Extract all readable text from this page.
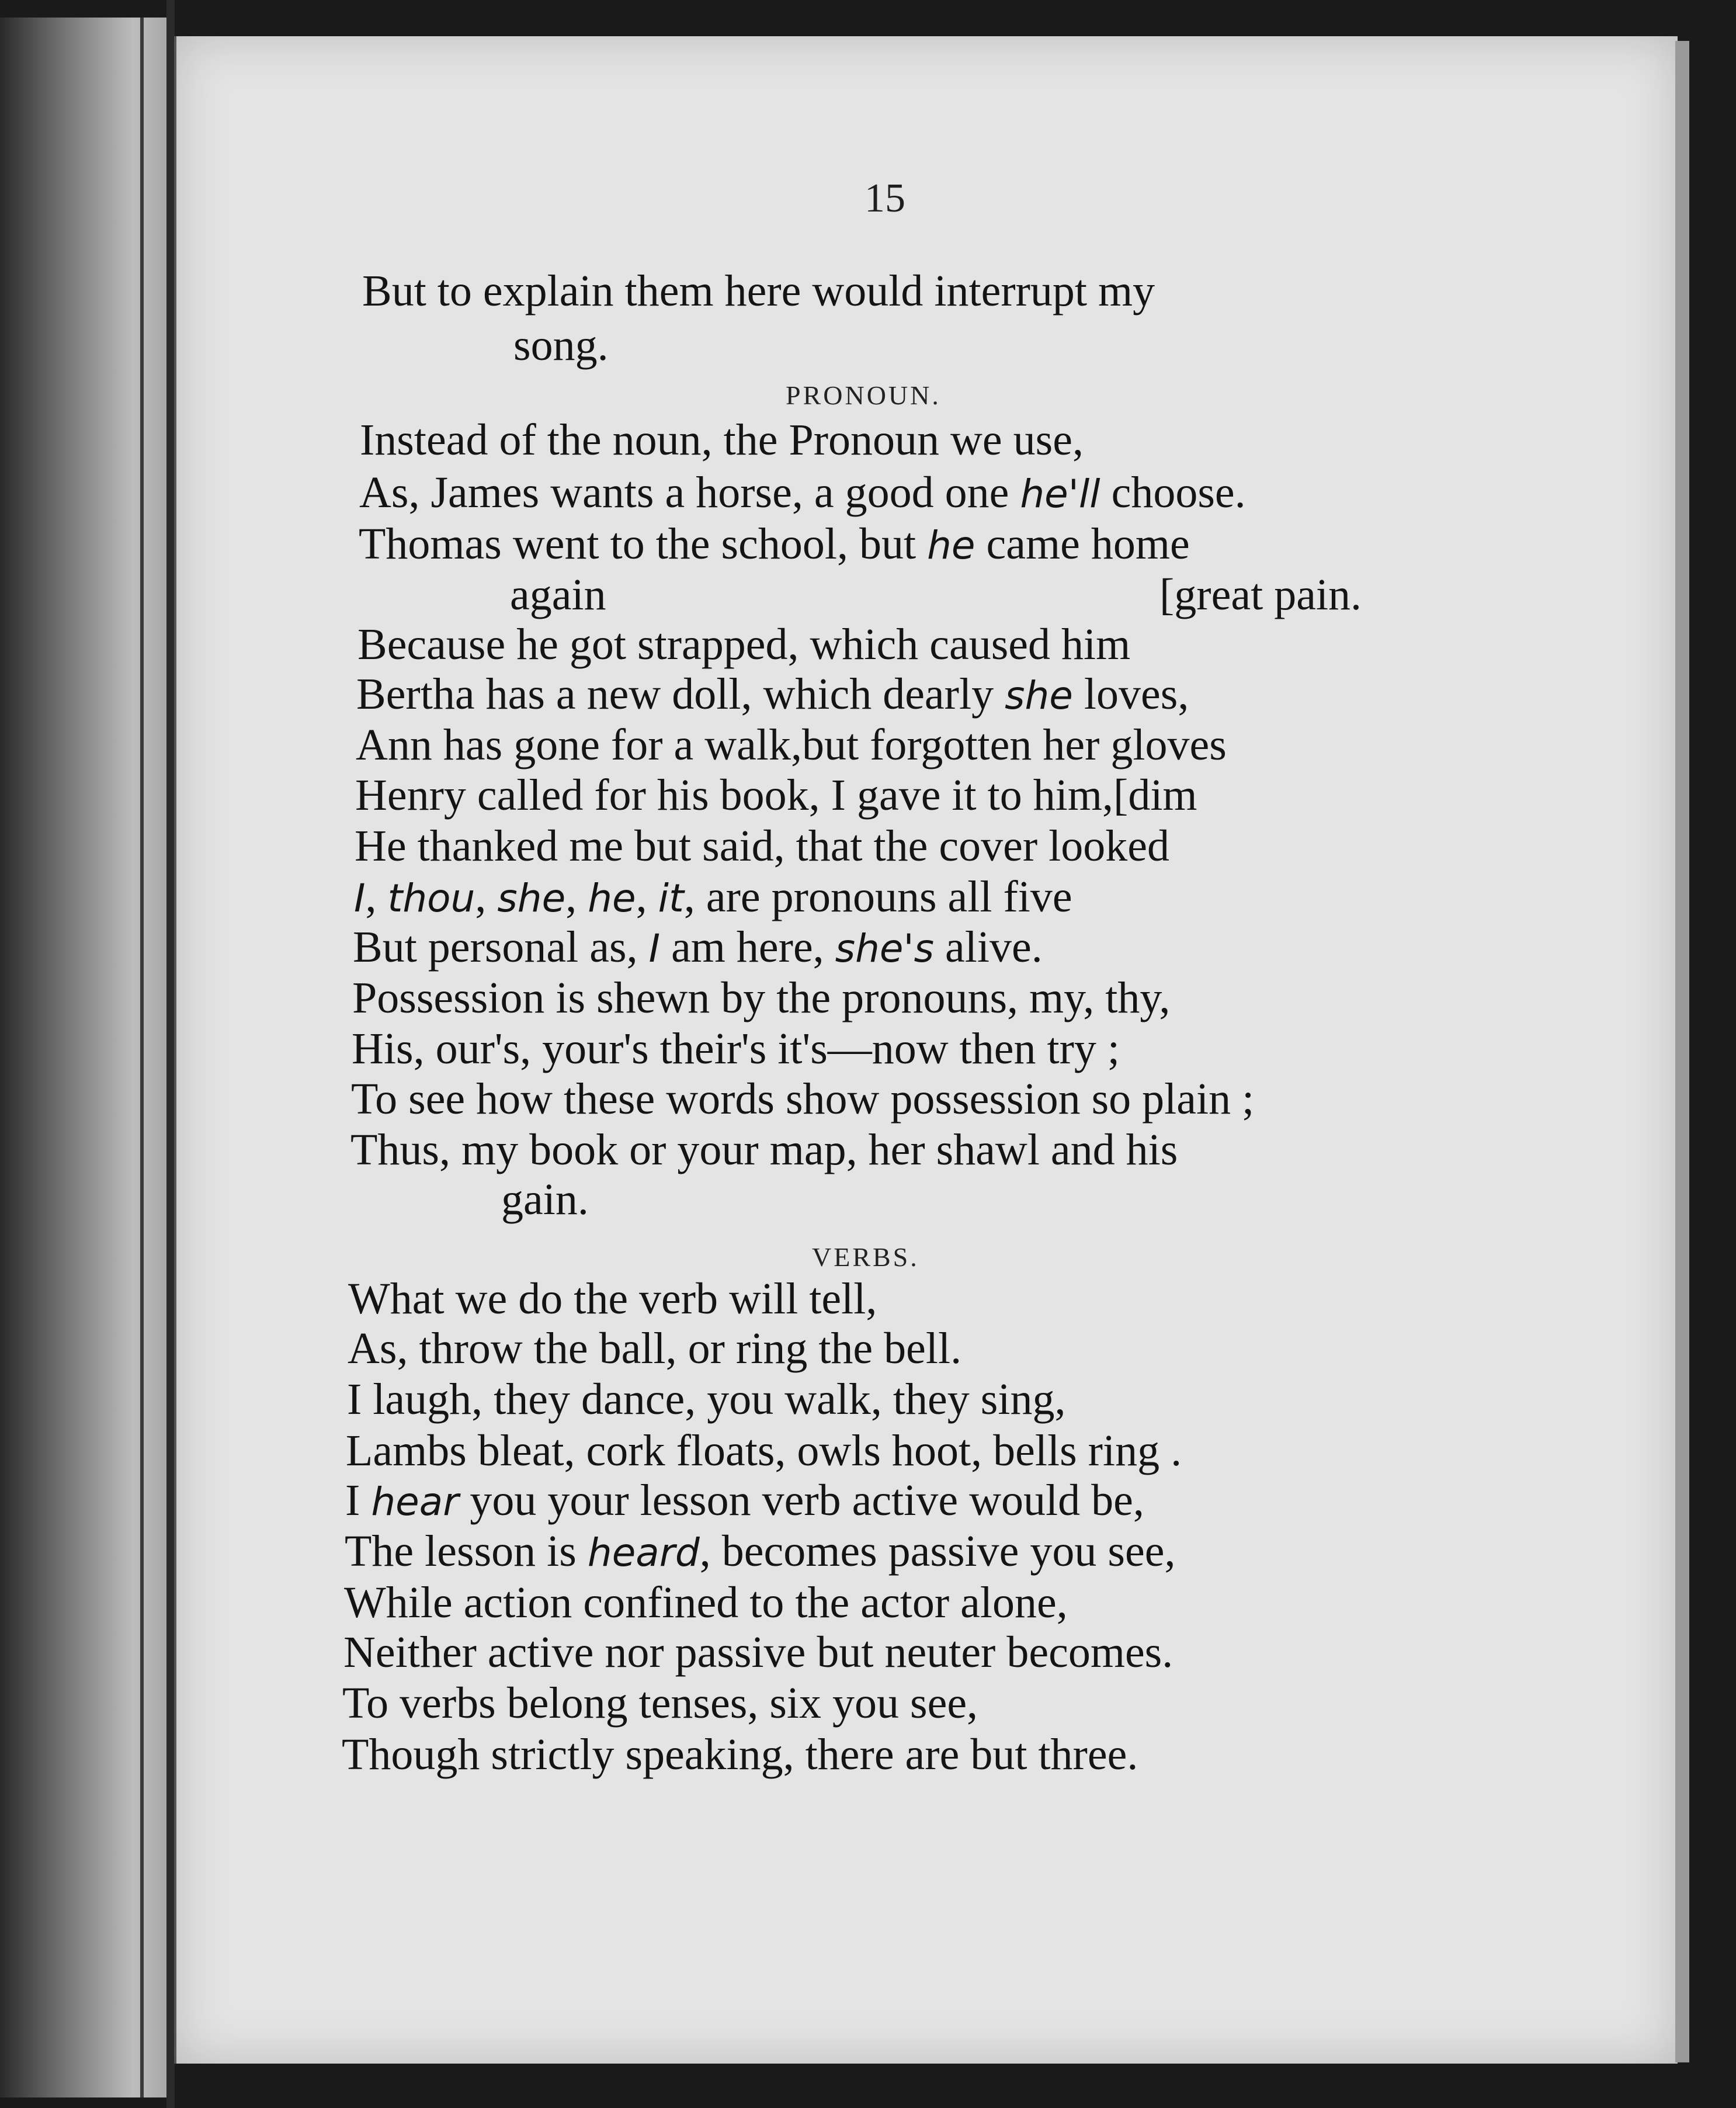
15
But to explain them here would interrupt my
song.
PRONOUN.
Instead of the noun, the Pronoun we use,
As, James wants a horse, a good one he'll choose.
Thomas went to the school, but he came home
[great pain.
again
Because he got strapped, which caused him
Bertha has a new doll, which dearly she loves,
Ann has gone for a walk,but forgotten her gloves
Henry called for his book, I gave it to him,[dim
He thanked me but said, that the cover looked
I, thou, she, he, it, are pronouns all five
But personal as, I am here, she's alive.
Possession is shewn by the pronouns, my, thy,
His, our's, your's their's it's—now then try ;
To see how these words show possession so plain ;
Thus, my book or your map, her shawl and his
gain.
VERBS.
What we do the verb will tell,
As, throw the ball, or ring the bell.
I laugh, they dance, you walk, they sing,
Lambs bleat, cork floats, owls hoot, bells ring .
I hear you your lesson verb active would be,
The lesson is heard, becomes passive you see,
While action confined to the actor alone,
Neither active nor passive but neuter becomes.
To verbs belong tenses, six you see,
Though strictly speaking, there are but three.
